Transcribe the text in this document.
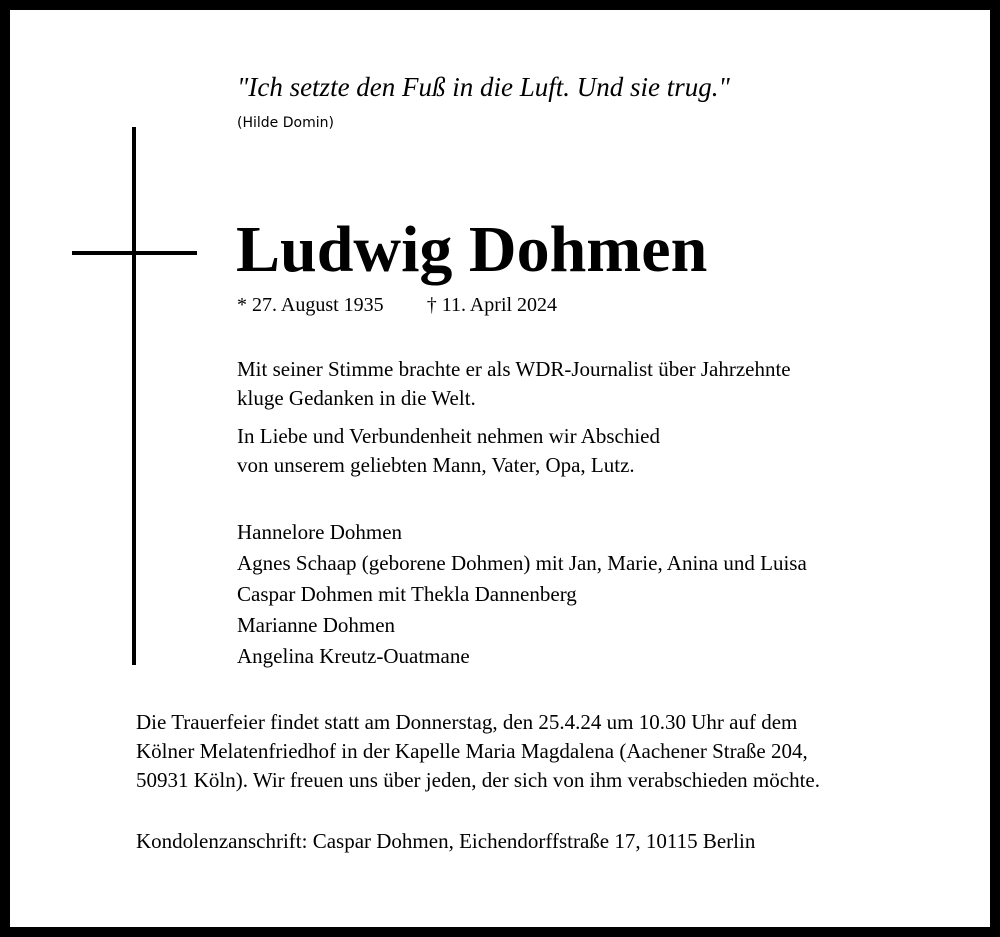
"Ich setzte den Fuß in die Luft. Und sie trug."
(Hilde Domin)
Ludwig Dohmen
* 27. August 1935 † 11. April 2024
Mit seiner Stimme brachte er als WDR-Journalist über Jahrzehnte
kluge Gedanken in die Welt.
In Liebe und Verbundenheit nehmen wir Abschied
von unserem geliebten Mann, Vater, Opa, Lutz.
Hannelore Dohmen
Agnes Schaap (geborene Dohmen) mit Jan, Marie, Anina und Luisa
Caspar Dohmen mit Thekla Dannenberg
Marianne Dohmen
Angelina Kreutz-Ouatmane
Die Trauerfeier findet statt am Donnerstag, den 25.4.24 um 10.30 Uhr auf dem
Kölner Melatenfriedhof in der Kapelle Maria Magdalena (Aachener Straße 204,
50931 Köln). Wir freuen uns über jeden, der sich von ihm verabschieden möchte.
Kondolenzanschrift: Caspar Dohmen, Eichendorffstraße 17, 10115 Berlin
